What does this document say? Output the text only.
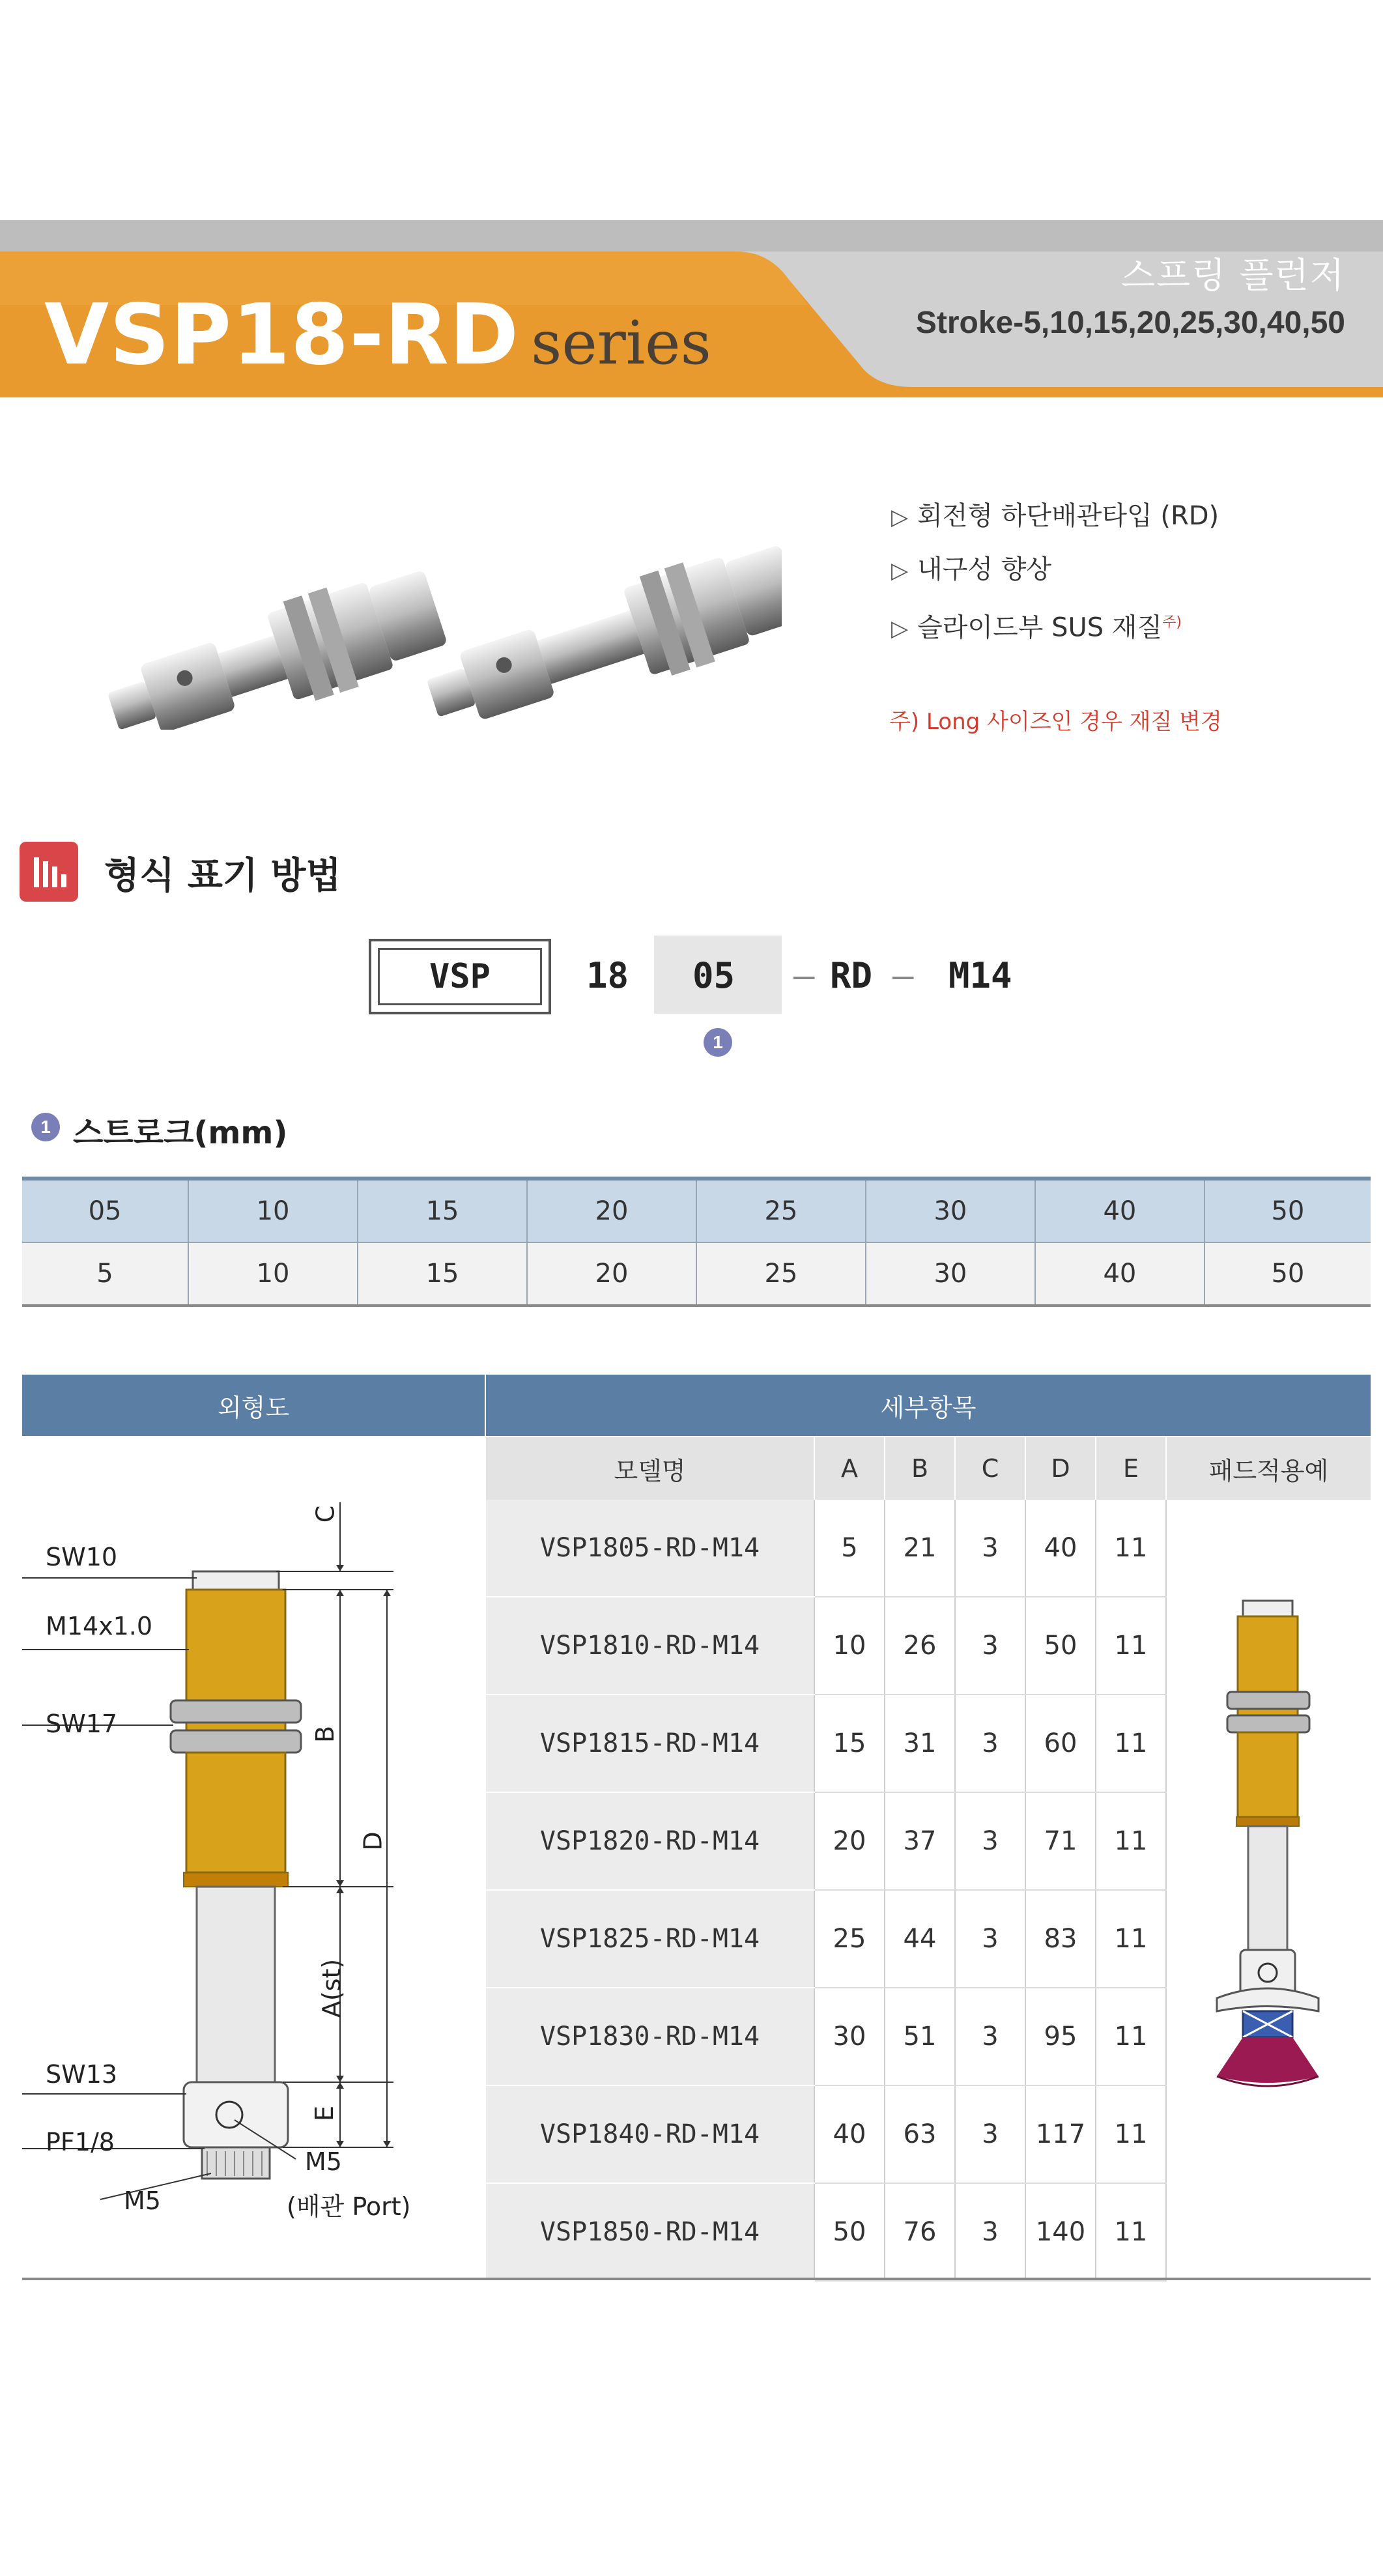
VSP18-RD series
스프링 플런저
Stroke-5,10,15,20,25,30,40,50
▷ 회전형 하단배관타입 (RD)
▷ 내구성 향상
▷ 슬라이드부 SUS 재질$^{주)}$
주) Long 사이즈인 경우 재질 변경
형식 표기 방법
VSP	18 05 – RD – M14
1
1 스트로크(mm)
05	10	15	20	25	30	40	50
5	10	15	20	25	30	40	50
외형도	세부항목
모델명	A	B	C	D	E	패드적용예
VSP1805-RD-M14	5	21	3	40	11	
VSP1810-RD-M14	10	26	3	50	11	
VSP1815-RD-M14	15	31	3	60	11	
VSP1820-RD-M14	20	37	3	71	11	
VSP1825-RD-M14	25	44	3	83	11	
VSP1830-RD-M14	30	51	3	95	11	
VSP1840-RD-M14	40	63	3	117	11	
VSP1850-RD-M14	50	76	3	140	11	
SW10
M14x1.0
SW17
SW13
PF1/8
M5
M5
(배관 Port)
C
B
D
A(st)
E
